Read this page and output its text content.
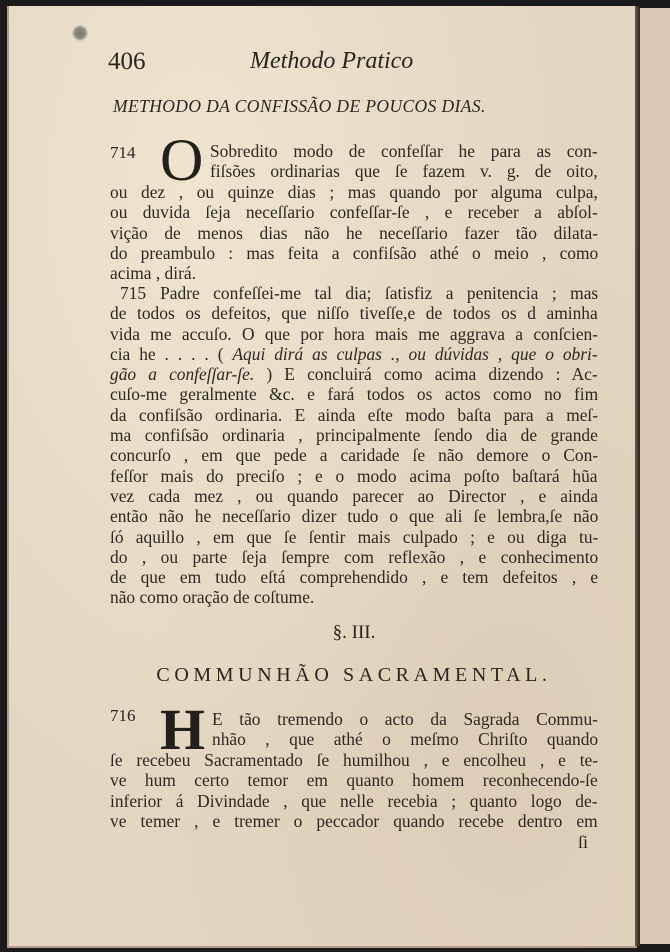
406	Methodo Pratico
METHODO DA CONFISSÃO DE POUCOS DIAS.
714 O Sobredito modo de confeſſar he para as con-
fiſsões ordinarias que ſe fazem v. g. de oito,
ou dez , ou quinze dias ; mas quando por alguma culpa,
ou duvida ſeja neceſſario confeſſar-ſe , e receber a abſol-
vição de menos dias não he neceſſario fazer tão dilata-
do preambulo : mas feita a confiſsão athé o meio , como
acima , dirá.
715 Padre confeſſei-me tal dia; ſatisfiz a penitencia ; mas
de todos os defeitos, que niſſo tiveſſe,e de todos os d aminha
vida me accuſo. O que por hora mais me aggrava a conſcien-
cia he . . . . ( Aqui dirá as culpas ., ou dúvidas , que o obri-
gão a confeſſar-ſe. ) E concluirá como acima dizendo : Ac-
cuſo-me geralmente &c. e fará todos os actos como no fim
da confiſsão ordinaria. E ainda eſte modo baſta para a meſ-
ma confiſsão ordinaria , principalmente ſendo dia de grande
concurſo , em que pede a caridade ſe não demore o Con-
feſſor mais do preciſo ; e o modo acima poſto baſtará hũa
vez cada mez , ou quando parecer ao Director , e ainda
então não he neceſſario dizer tudo o que ali ſe lembra,ſe não
ſó aquillo , em que ſe ſentir mais culpado ; e ou diga tu-
do , ou parte ſeja ſempre com reflexão , e conhecimento
de que em tudo eſtá comprehendido , e tem defeitos , e
não como oração de coſtume.
§. III.
COMMUNHÃO SACRAMENTAL.
716 H E tão tremendo o acto da Sagrada Commu-
nhão , que athé o meſmo Chriſto quando
ſe recebeu Sacramentado ſe humilhou , e encolheu , e te-
ve hum certo temor em quanto homem reconhecendo-ſe
inferior á Divindade , que nelle recebia ; quanto logo de-
ve temer , e tremer o peccador quando recebe dentro em
ſi
